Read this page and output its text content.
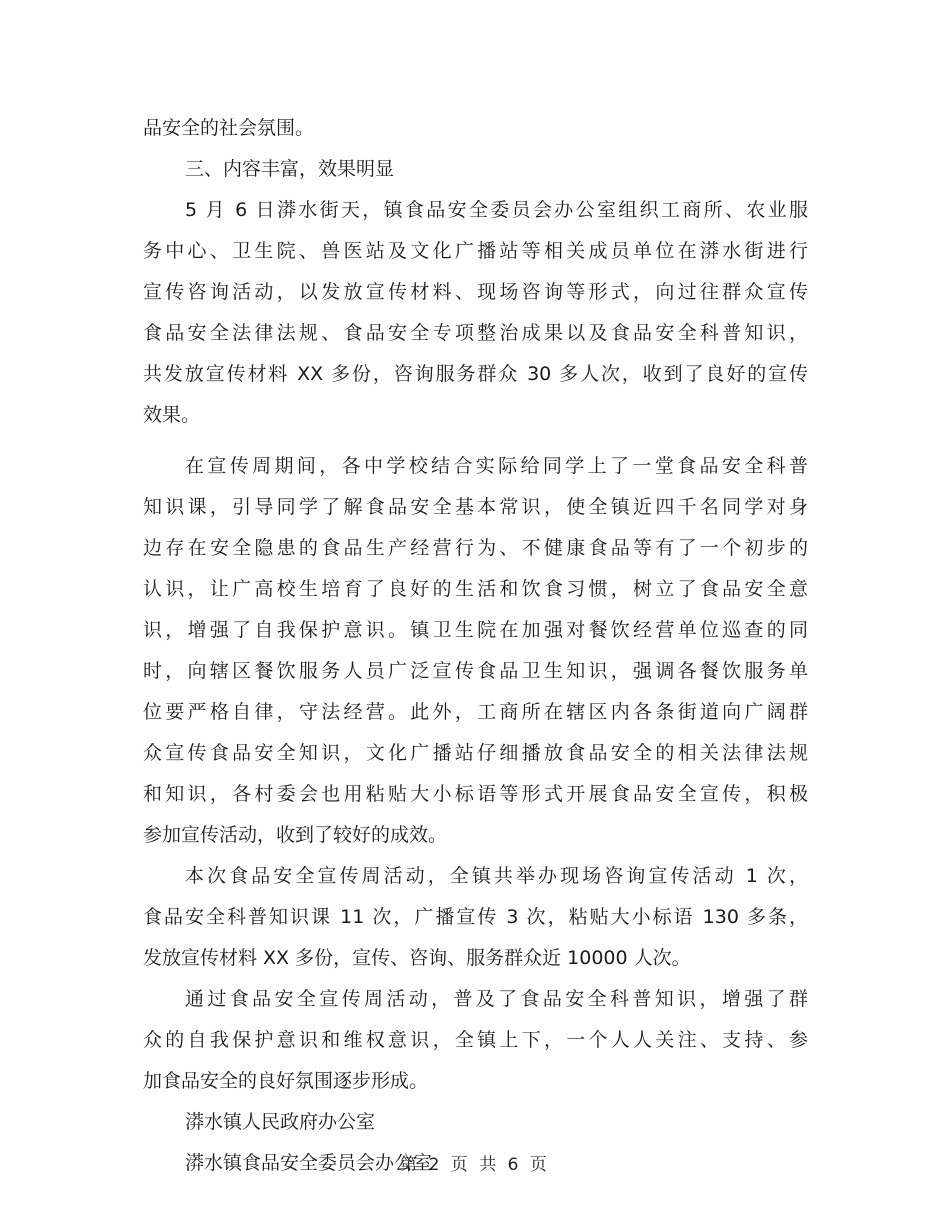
品安全的社会氛围。
三、内容丰富，效果明显
5 月 6 日漭水街天，镇食品安全委员会办公室组织工商所、农业服
务中心、卫生院、兽医站及文化广播站等相关成员单位在漭水街进行
宣传咨询活动，以发放宣传材料、现场咨询等形式，向过往群众宣传
食品安全法律法规、食品安全专项整治成果以及食品安全科普知识，
共发放宣传材料 XX 多份，咨询服务群众 30 多人次，收到了良好的宣传
效果。
在宣传周期间，各中学校结合实际给同学上了一堂食品安全科普
知识课，引导同学了解食品安全基本常识，使全镇近四千名同学对身
边存在安全隐患的食品生产经营行为、不健康食品等有了一个初步的
认识，让广高校生培育了良好的生活和饮食习惯，树立了食品安全意
识，增强了自我保护意识。镇卫生院在加强对餐饮经营单位巡查的同
时，向辖区餐饮服务人员广泛宣传食品卫生知识，强调各餐饮服务单
位要严格自律，守法经营。此外，工商所在辖区内各条街道向广阔群
众宣传食品安全知识，文化广播站仔细播放食品安全的相关法律法规
和知识，各村委会也用粘贴大小标语等形式开展食品安全宣传，积极
参加宣传活动，收到了较好的成效。
本次食品安全宣传周活动，全镇共举办现场咨询宣传活动 1 次，
食品安全科普知识课 11 次，广播宣传 3 次，粘贴大小标语 130 多条，
发放宣传材料 XX 多份，宣传、咨询、服务群众近 10000 人次。
通过食品安全宣传周活动，普及了食品安全科普知识，增强了群
众的自我保护意识和维权意识，全镇上下，一个人人关注、支持、参
加食品安全的良好氛围逐步形成。
漭水镇人民政府办公室
漭水镇食品安全委员会办公室
第 2 页 共 6 页
